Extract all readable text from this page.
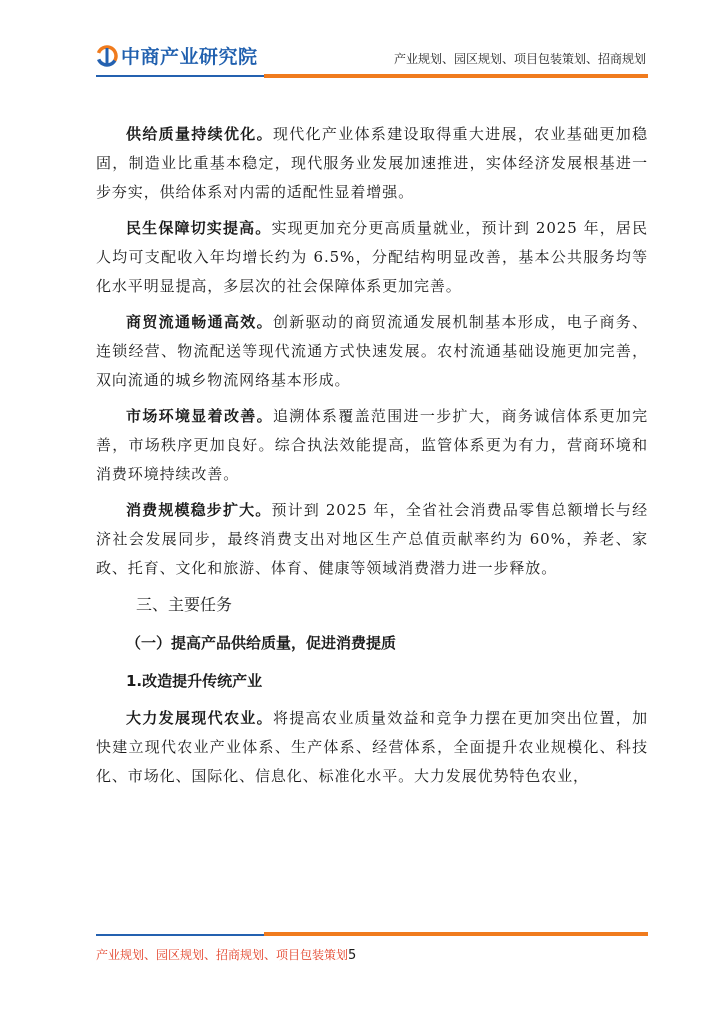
中商产业研究院	产业规划、园区规划、项目包装策划、招商规划

供给质量持续优化。现代化产业体系建设取得重大进展，农业基础更加稳固，制造业比重基本稳定，现代服务业发展加速推进，实体经济发展根基进一步夯实，供给体系对内需的适配性显着增强。

民生保障切实提高。实现更加充分更高质量就业，预计到 2025 年，居民人均可支配收入年均增长约为 6.5%，分配结构明显改善，基本公共服务均等化水平明显提高，多层次的社会保障体系更加完善。

商贸流通畅通高效。创新驱动的商贸流通发展机制基本形成，电子商务、连锁经营、物流配送等现代流通方式快速发展。农村流通基础设施更加完善，双向流通的城乡物流网络基本形成。

市场环境显着改善。追溯体系覆盖范围进一步扩大，商务诚信体系更加完善，市场秩序更加良好。综合执法效能提高，监管体系更为有力，营商环境和消费环境持续改善。

消费规模稳步扩大。预计到 2025 年，全省社会消费品零售总额增长与经济社会发展同步，最终消费支出对地区生产总值贡献率约为 60%，养老、家政、托育、文化和旅游、体育、健康等领域消费潜力进一步释放。

三、主要任务
（一）提高产品供给质量，促进消费提质
1.改造提升传统产业

大力发展现代农业。将提高农业质量效益和竞争力摆在更加突出位置，加快建立现代农业产业体系、生产体系、经营体系，全面提升农业规模化、科技化、市场化、国际化、信息化、标准化水平。大力发展优势特色农业，

产业规划、园区规划、招商规划、项目包装策划5
